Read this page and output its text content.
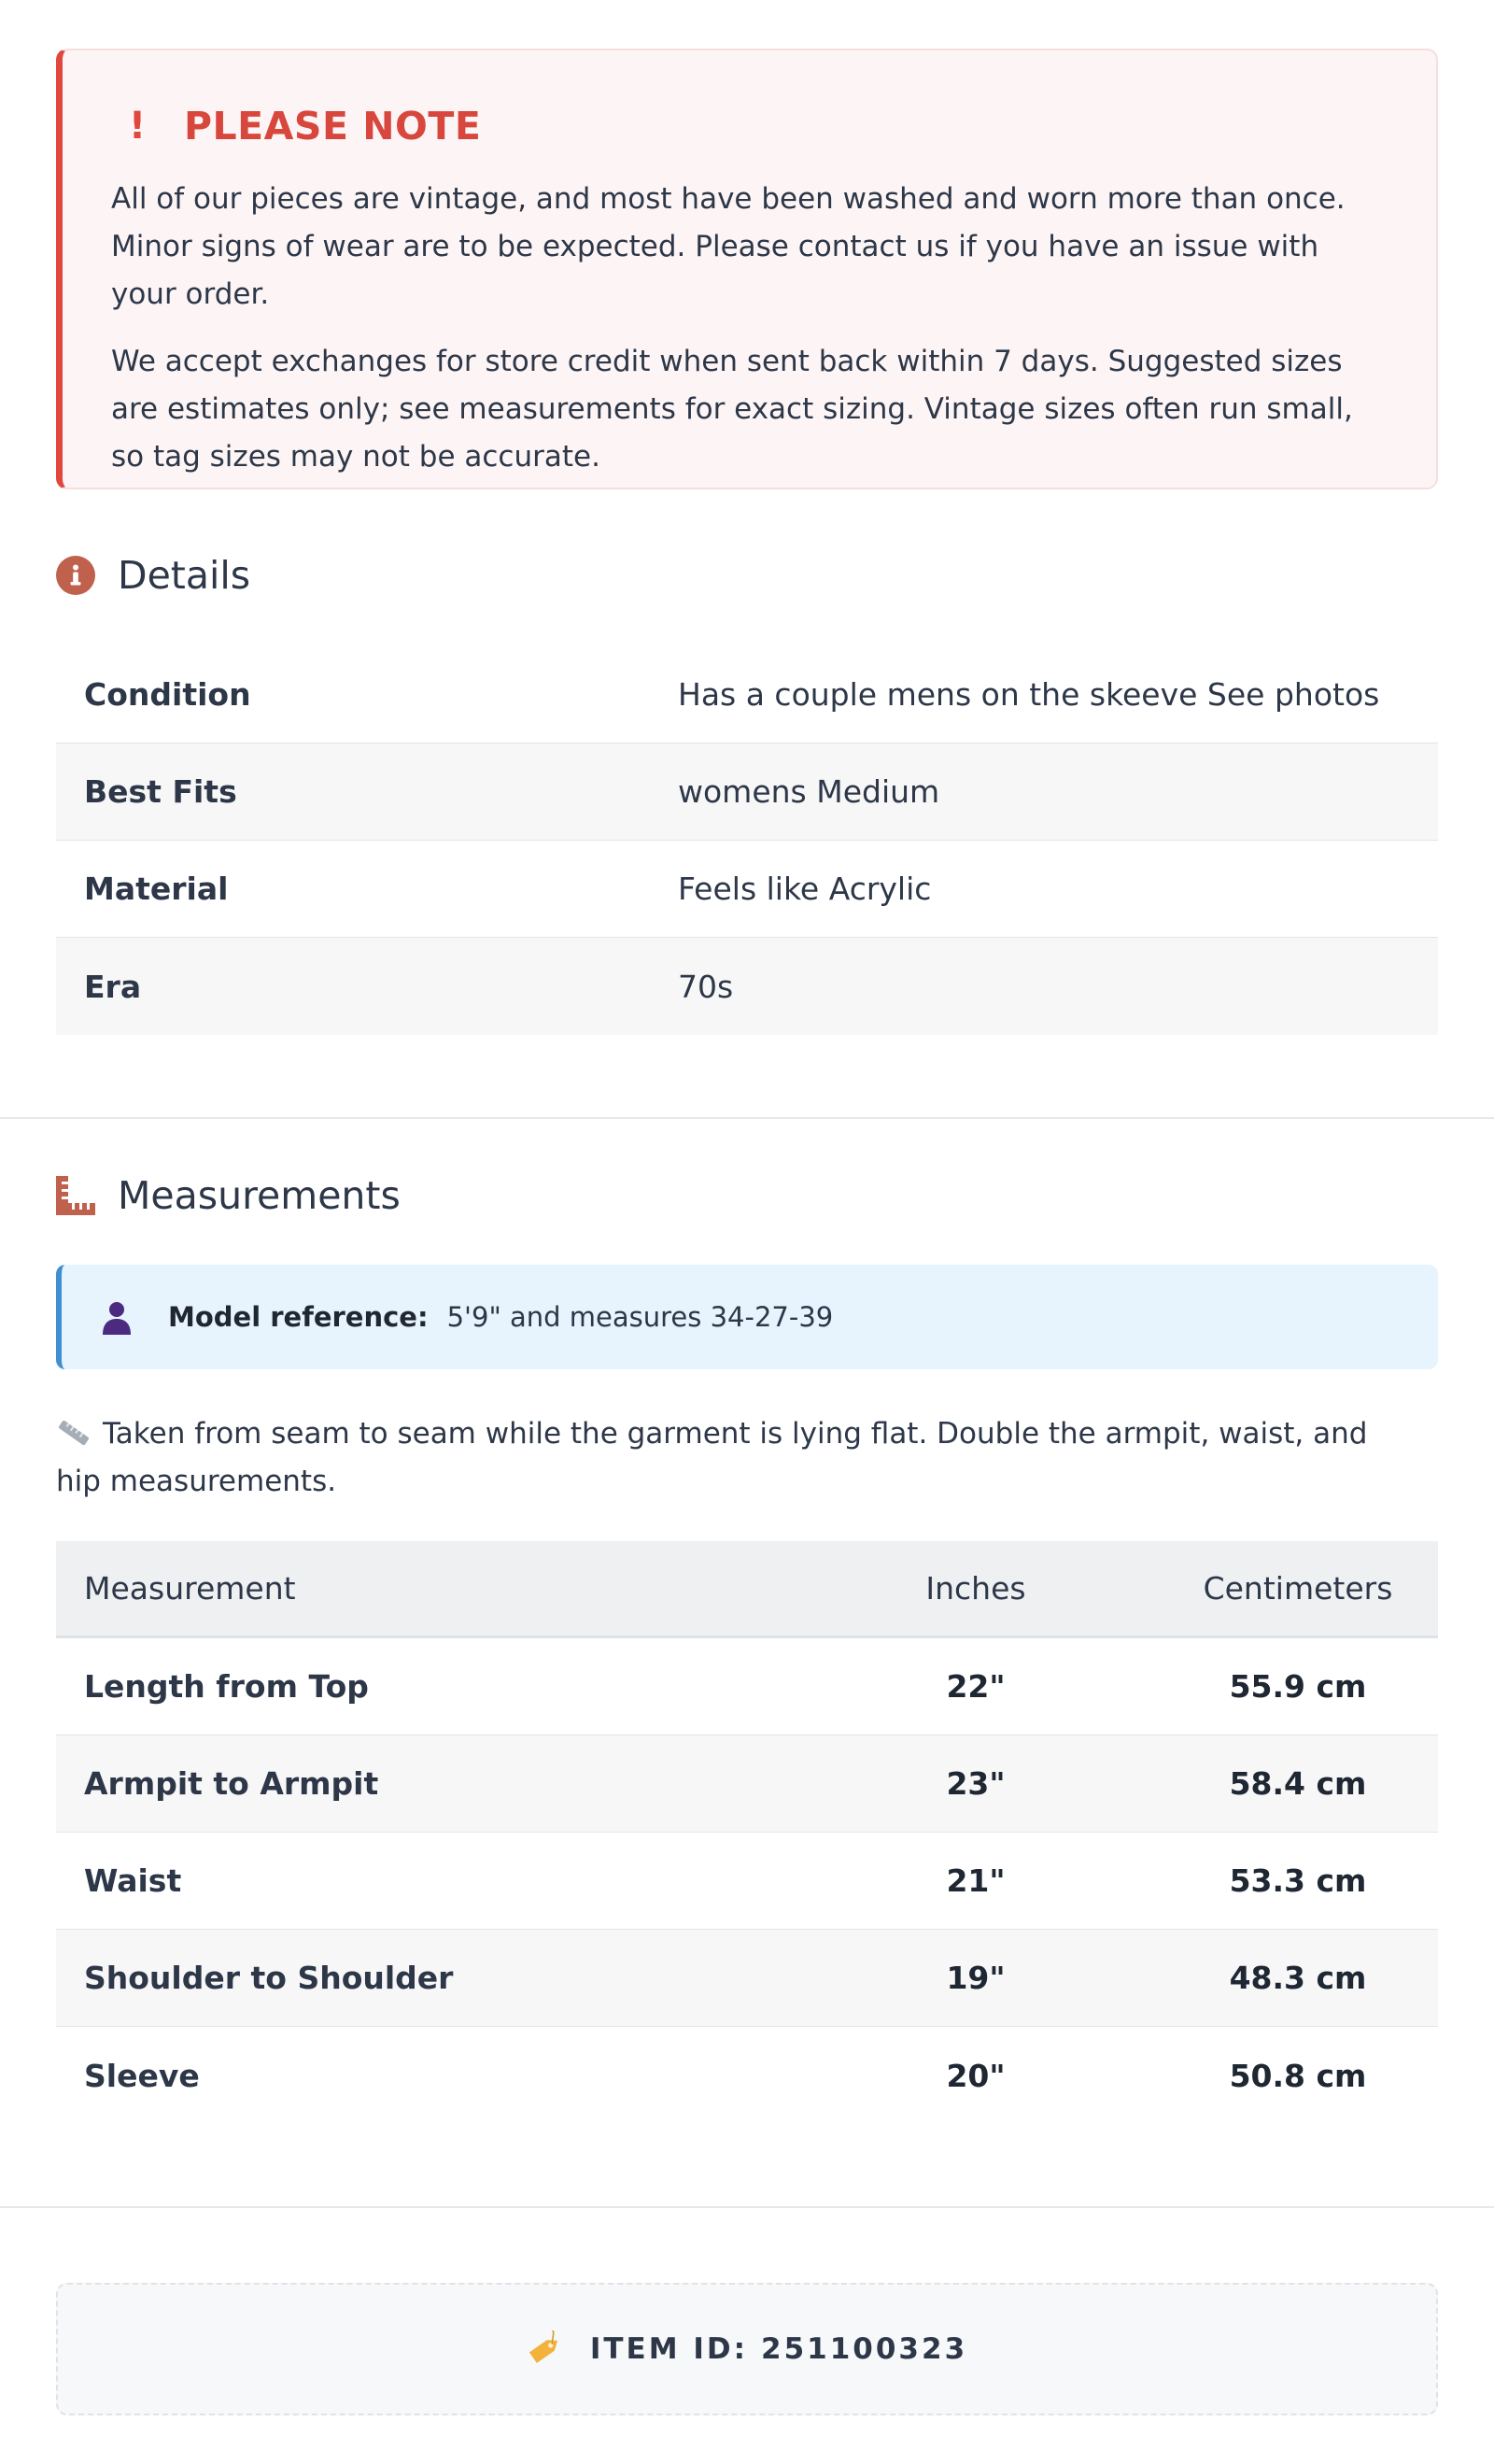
! PLEASE NOTE

All of our pieces are vintage, and most have been washed and worn more than once. Minor signs of wear are to be expected. Please contact us if you have an issue with your order.

We accept exchanges for store credit when sent back within 7 days. Suggested sizes are estimates only; see measurements for exact sizing. Vintage sizes often run small, so tag sizes may not be accurate.

Details
Condition	Has a couple mens on the skeeve See photos
Best Fits	womens Medium
Material	Feels like Acrylic
Era	70s
Measurements
Model reference: 5'9" and measures 34-27-39
Taken from seam to seam while the garment is lying flat. Double the armpit, waist, and hip measurements.
Measurement	Inches	Centimeters
Length from Top	22"	55.9 cm
Armpit to Armpit	23"	58.4 cm
Waist	21"	53.3 cm
Shoulder to Shoulder	19"	48.3 cm
Sleeve	20"	50.8 cm
ITEM ID: 251100323
